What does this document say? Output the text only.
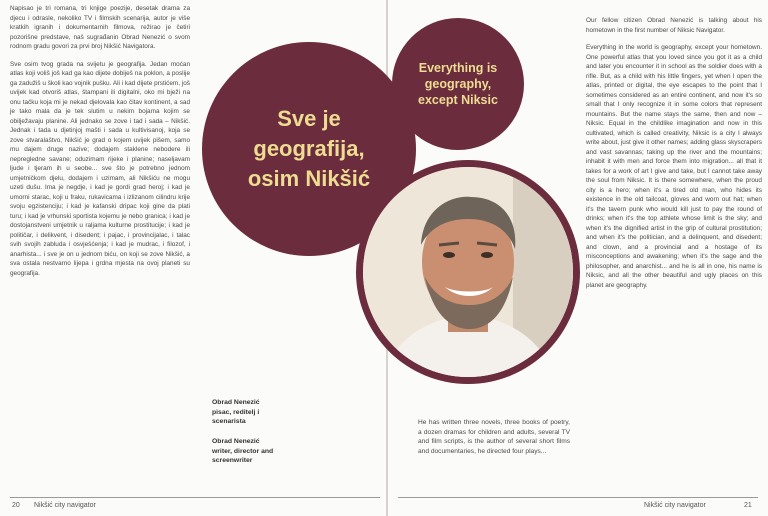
Napisao je tri romana, tri knjige poezije, desetak drama za djecu i odrasle, nekoliko TV i filmskih scenarija, autor je više kratkih igranih i dokumentarnih filmova, režirao je četiri pozorišne predstave, naš sugrađanin Obrad Nenezić o svom rodnom gradu govori za prvi broj Nikšić Navigatora.

Sve osim tvog grada na svijetu je geografija. Jedan moćan atlas koji voliš još kad ga kao dijete dobiješ na poklon, a poslije ga zadužiš u školi kao vojnik pušku. Ali i kad dijete prstićem, još uvijek kad otvoriš atlas, štampani ili digitalni, oko mi bježi na onu tačku koja mi je nekad djelovala kao čitav kontinent, a sad je tako mala da je tek slutim u nekim bojama kojim se obilježavaju planine. Ali jednako se zove i tad i sada – Nikšić. Jednak i tada u djetinjoj mašti i sada u kultivisanoj, koja se zove stvaralaštvo, Nikšić je grad o kojem uvijek pišem, samo mu dajem druge nazive; dodajem staklene nebodere ili nepregledne savane; oduzimam rijeke i planine; naseljavam ljude i tjeram ih u seobe... sve što je potrebno jednom umjetničkom djelu, dodajem i uzimam, ali Nikšiću ne mogu uzeti dušu. Ima je negdje, i kad je gordi grad heroj; i kad je umorni starac, koji u fraku, rukavicama i izlizanom cilindru krije svoju egzistenciju; i kad je kafanski dripac koji gine da plati turu; i kad je vrhunski sportista kojemu je nebo granica; i kad je dostojanstveni umjetnik u raljama kulturne prostitucije; i kad je političar, i delikvent, i disedent; i pajac, i provincijalac, i talac svih svojih zabluda i osvješćenja; i kad je mudrac, i filozof, i anarhista... i sve je on u jednom biću, on koji se zove Nikšić, a sva ostala nestvarno lijepa i grdna mjesta na ovoj planeti su geografija.

Our fellow citizen Obrad Nenezić is talking about his hometown in the first number of Niksic Navigator.

Everything in the world is geography, except your hometown. One powerful atlas that you loved since you got it as a child and later you encounter it in school as the soldier does with a rifle. But, as a child with his little fingers, yet when I open the atlas, printed or digital, the eye escapes to the point that I sometimes considered as an entire continent, and now it's so small that I only recognize it in some colors that represent mountains. But the name stays the same, then and now – Niksic. Equal in the childlike imagination and now in this cultivated, which is called creativity, Niksic is a city I always write about, just give it other names; adding glass skyscrapers and vast savannas; taking up the river and the mountains; inhabit it with men and force them into migration... all that it takes for a work of art I give and take, but I cannot take away the soul from Niksic. It is there somewhere, when the proud city is a hero; when it's a tired old man, who hides its existence in the old tailcoat, gloves and worn out hat; when it's the tavern punk who would kill just to pay the round of drinks; when it's the top athlete whose limit is the sky; and when it's the dignified artist in the grip of cultural prostitution; and when it's the politician, and a delinquent, and disedent; and clown, and a provincial and a hostage of its misconceptions and awakening; when it's the sage and the philosopher, and anarchist... and he is all in one, his name is Niksic, and all the other beautiful and ugly places on this planet are geography.

Sve je geografija, osim Nikšić
Everything is geography, except Niksic
Obrad Nenezić
pisac, reditelj i scenarista
Obrad Nenezić
writer, director and screenwriter
He has written three novels, three books of poetry, a dozen dramas for children and adults, several TV and film scripts, is the author of several short films and documentaries, he directed four plays...
20 Nikšić city navigator	Nikšić city navigator	21
